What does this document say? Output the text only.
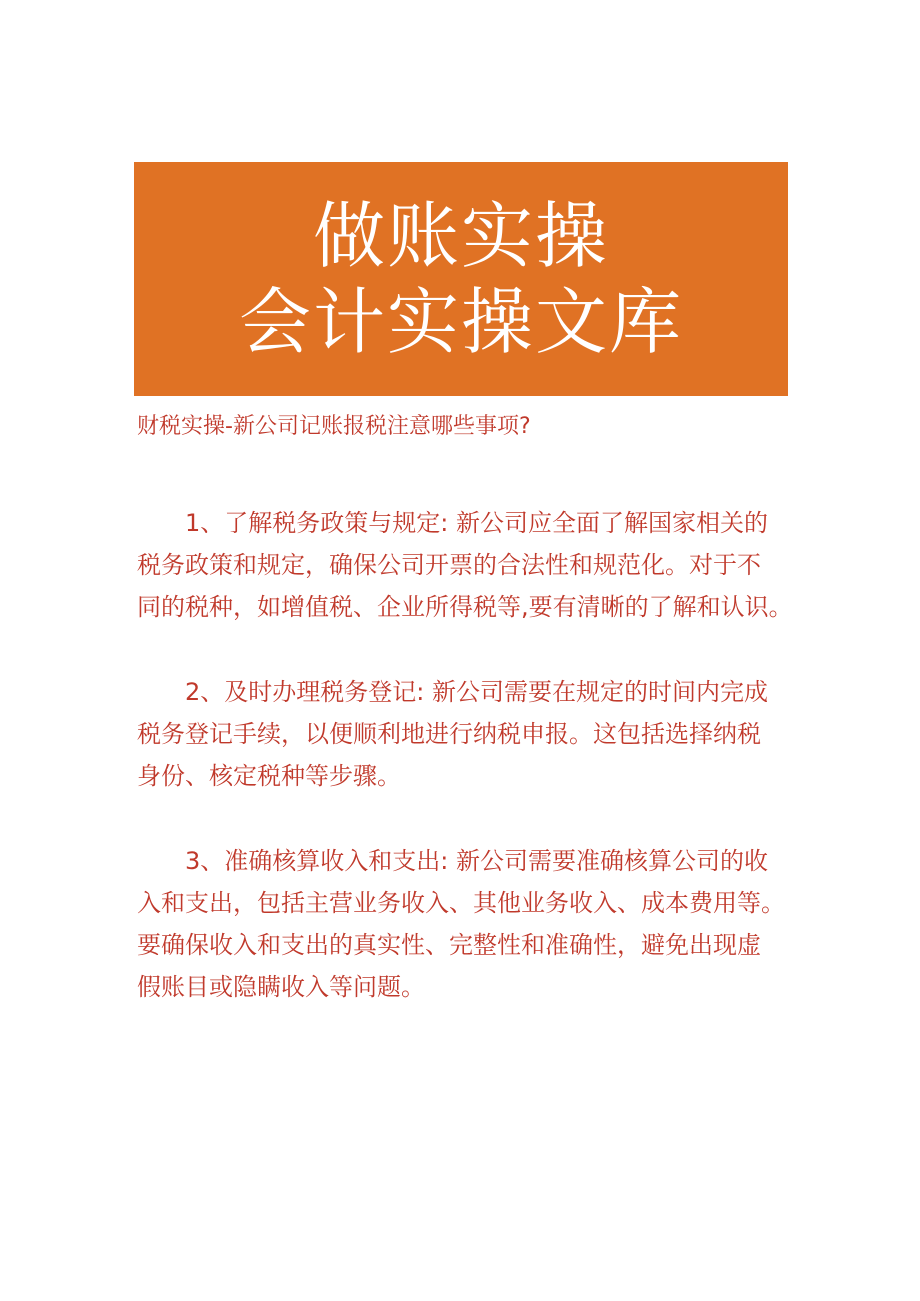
做账实操
会计实操文库
财税实操-新公司记账报税注意哪些事项?

1、了解税务政策与规定: 新公司应全面了解国家相关的
税务政策和规定，确保公司开票的合法性和规范化。对于不
同的税种，如增值税、企业所得税等,要有清晰的了解和认识。

2、及时办理税务登记: 新公司需要在规定的时间内完成
税务登记手续，以便顺利地进行纳税申报。这包括选择纳税
身份、核定税种等步骤。

3、准确核算收入和支出: 新公司需要准确核算公司的收
入和支出，包括主营业务收入、其他业务收入、成本费用等。
要确保收入和支出的真实性、完整性和准确性，避免出现虚
假账目或隐瞒收入等问题。
